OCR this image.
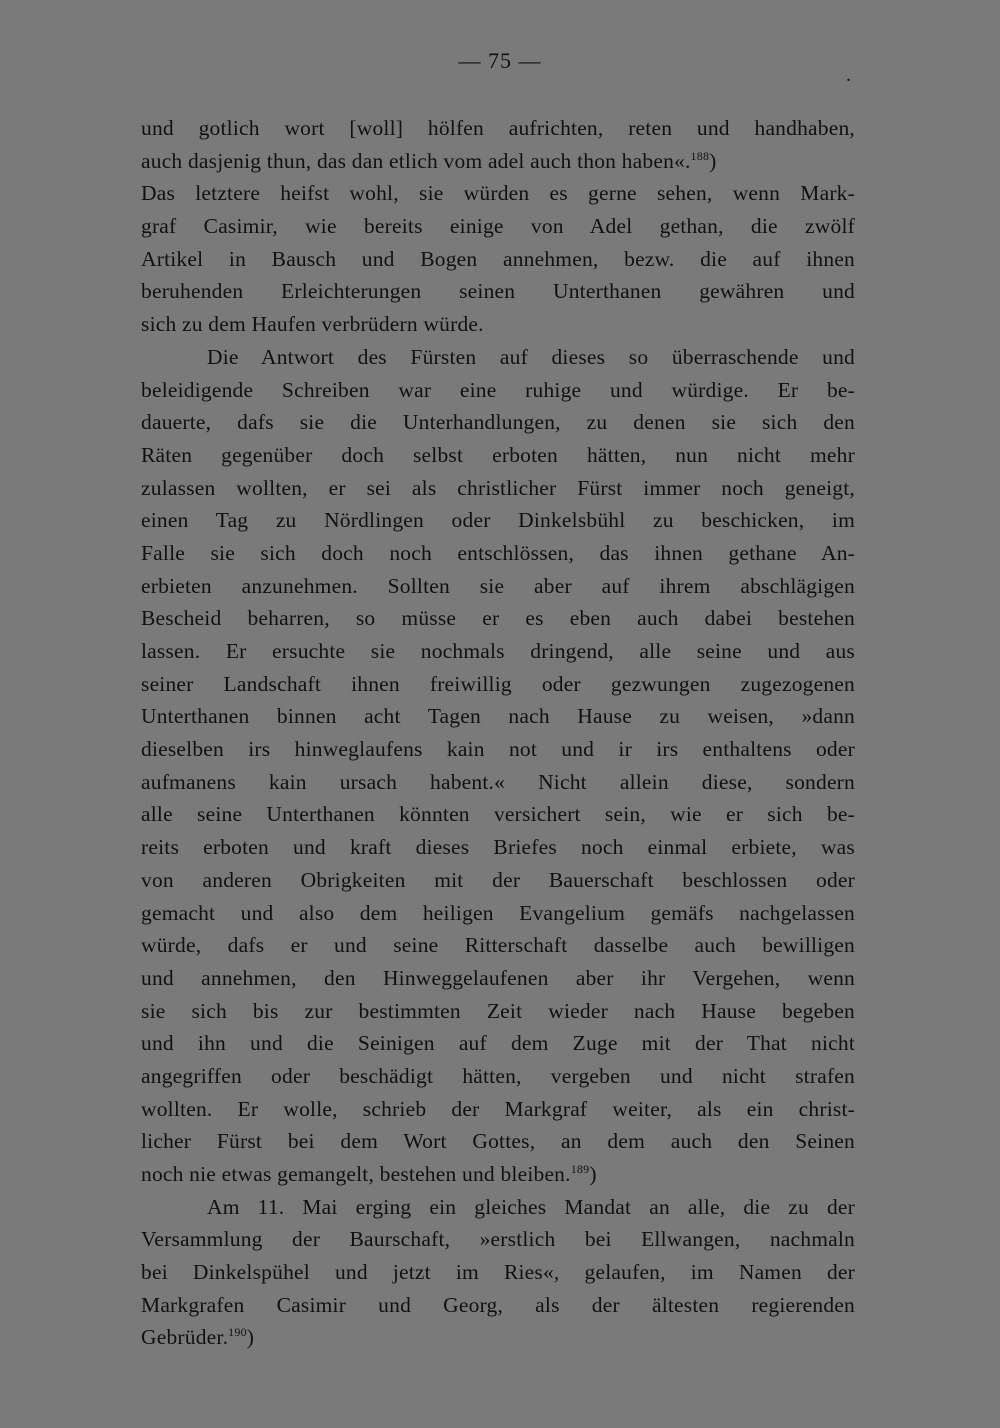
— 75 —
.
und gotlich wort [woll] hölfen aufrichten, reten und handhaben,
auch dasjenig thun, das dan etlich vom adel auch thon haben«.$^{188}$)
Das letztere heifst wohl, sie würden es gerne sehen, wenn Mark-
graf Casimir, wie bereits einige von Adel gethan, die zwölf
Artikel in Bausch und Bogen annehmen, bezw. die auf ihnen
beruhenden Erleichterungen seinen Unterthanen gewähren und
sich zu dem Haufen verbrüdern würde.
Die Antwort des Fürsten auf dieses so überraschende und
beleidigende Schreiben war eine ruhige und würdige. Er be-
dauerte, dafs sie die Unterhandlungen, zu denen sie sich den
Räten gegenüber doch selbst erboten hätten, nun nicht mehr
zulassen wollten, er sei als christlicher Fürst immer noch geneigt,
einen Tag zu Nördlingen oder Dinkelsbühl zu beschicken, im
Falle sie sich doch noch entschlössen, das ihnen gethane An-
erbieten anzunehmen. Sollten sie aber auf ihrem abschlägigen
Bescheid beharren, so müsse er es eben auch dabei bestehen
lassen. Er ersuchte sie nochmals dringend, alle seine und aus
seiner Landschaft ihnen freiwillig oder gezwungen zugezogenen
Unterthanen binnen acht Tagen nach Hause zu weisen, »dann
dieselben irs hinweglaufens kain not und ir irs enthaltens oder
aufmanens kain ursach habent.« Nicht allein diese, sondern
alle seine Unterthanen könnten versichert sein, wie er sich be-
reits erboten und kraft dieses Briefes noch einmal erbiete, was
von anderen Obrigkeiten mit der Bauerschaft beschlossen oder
gemacht und also dem heiligen Evangelium gemäfs nachgelassen
würde, dafs er und seine Ritterschaft dasselbe auch bewilligen
und annehmen, den Hinweggelaufenen aber ihr Vergehen, wenn
sie sich bis zur bestimmten Zeit wieder nach Hause begeben
und ihn und die Seinigen auf dem Zuge mit der That nicht
angegriffen oder beschädigt hätten, vergeben und nicht strafen
wollten. Er wolle, schrieb der Markgraf weiter, als ein christ-
licher Fürst bei dem Wort Gottes, an dem auch den Seinen
noch nie etwas gemangelt, bestehen und bleiben.$^{189}$)
Am 11. Mai erging ein gleiches Mandat an alle, die zu der
Versammlung der Baurschaft, »erstlich bei Ellwangen, nachmaln
bei Dinkelspühel und jetzt im Ries«, gelaufen, im Namen der
Markgrafen Casimir und Georg, als der ältesten regierenden
Gebrüder.$^{190}$)
